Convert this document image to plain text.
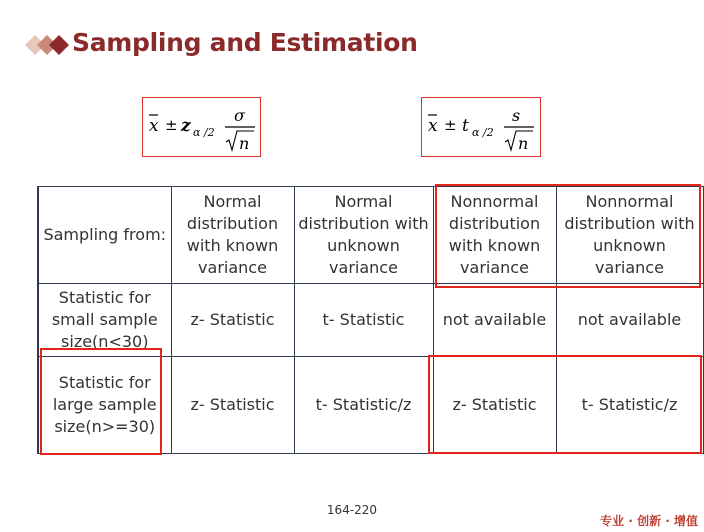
Sampling and Estimation
x ± z α /2
σ
n
x ± t α /2
s
n
Sampling from:	Normal distribution with known variance	Normal distribution with unknown variance	Nonnormal distribution with known variance	Nonnormal distribution with unknown variance
Statistic for small sample size(n<30)	z- Statistic	t- Statistic	not available	not available
Statistic for large sample size(n>=30)	z- Statistic	t- Statistic/z	z- Statistic	t- Statistic/z
164-220
专业 · 创新 · 增值
